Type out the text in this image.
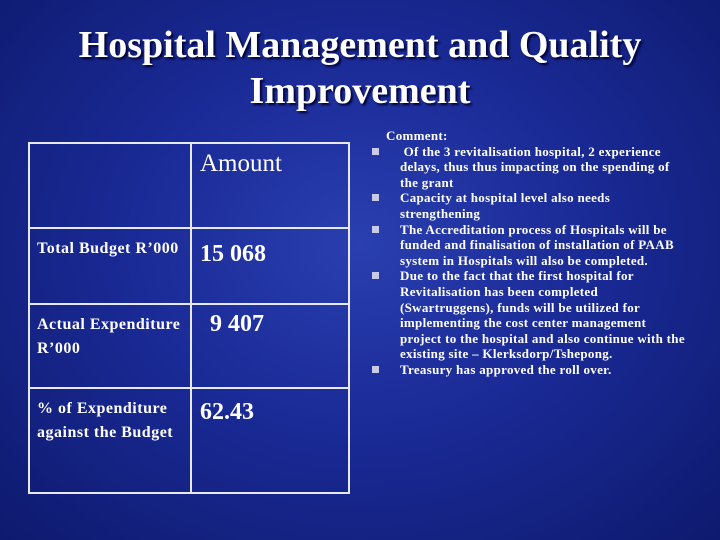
Hospital Management and Quality Improvement

	Amount

Total Budget R’000	15 068

Actual Expenditure R’000	9 407

% of Expenditure against the Budget	62.43
Comment:
Of the 3 revitalisation hospital, 2 experience delays, thus thus impacting on the spending of the grant
Capacity at hospital level also needs strengthening
The Accreditation process of Hospitals will be funded and finalisation of installation of PAAB system in Hospitals will also be completed.
Due to the fact that the first hospital for Revitalisation has been completed (Swartruggens), funds will be utilized for implementing the cost center management project to the hospital and also continue with the existing site – Klerksdorp/Tshepong.
Treasury has approved the roll over.
